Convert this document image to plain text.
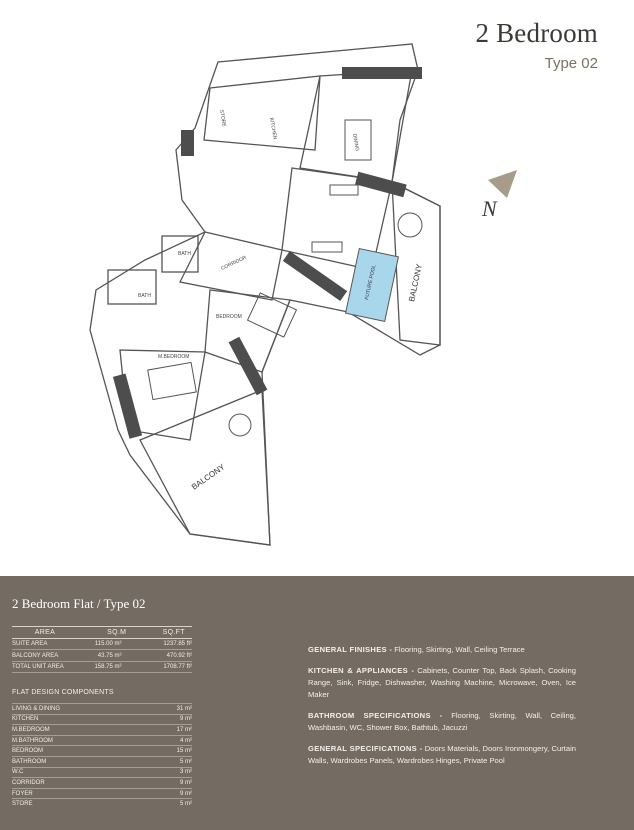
2 Bedroom
Type 02
STORE	KITCHEN
DINING
BATH
BATH
CORRIDOR
BEDROOM
M.BEDROOM
FUTURE POOL	BALCONY
BALCONY
N
2 Bedroom Flat / Type 02
AREA	SQ.M	SQ.FT
SUITE AREA	115.00 m²	1237.85 ft²
BALCONY AREA	43.75 m²	470.92 ft²
TOTAL UNIT AREA	158.75 m²	1708.77 ft²
FLAT DESIGN COMPONENTS
LIVING & DINING	31 m²
KITCHEN	9 m²
M.BEDROOM	17 m²
M.BATHROOM	4 m²
BEDROOM	15 m²
BATHROOM	5 m²
W.C	3 m²
CORRIDOR	9 m²
FOYER	9 m²
STORE	5 m²
GENERAL FINISHES - Flooring, Skirting, Wall, Ceiling Terrace
KITCHEN & APPLIANCES - Cabinets, Counter Top, Back Splash, Cooking Range, Sink, Fridge, Dishwasher, Washing Machine, Microwave, Oven, Ice Maker
BATHROOM SPECIFICATIONS - Flooring, Skirting, Wall, Ceiling, Washbasin, WC, Shower Box, Bathtub, Jacuzzi
GENERAL SPECIFICATIONS - Doors Materials, Doors Ironmongery, Curtain Walls, Wardrobes Panels, Wardrobes Hinges, Private Pool
